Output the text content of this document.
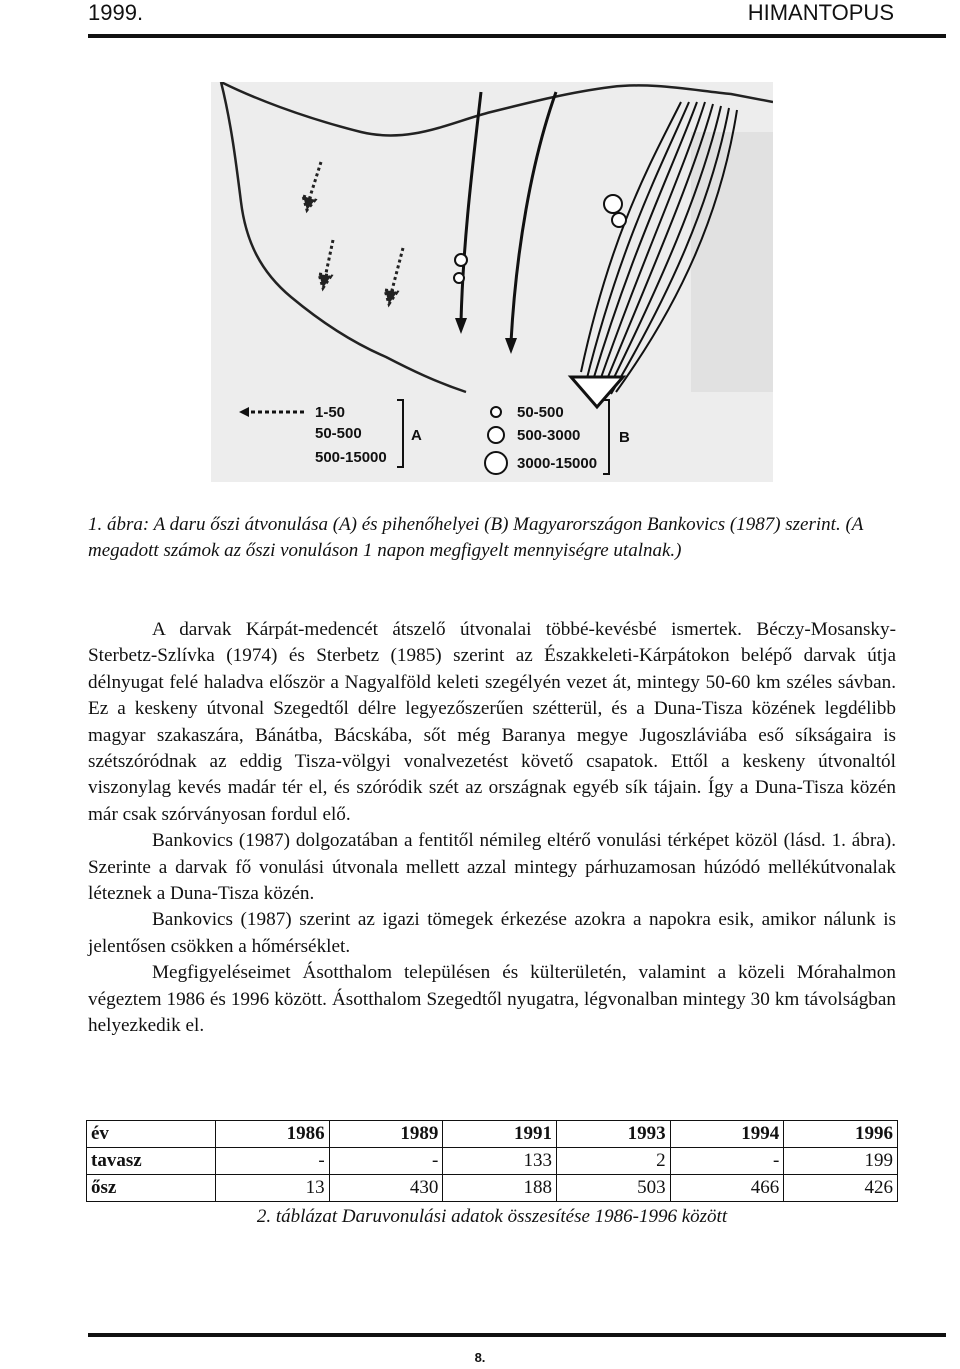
1999.	HIMANTOPUS
1-50
50-500
500-15000
A
50-500
500-3000
3000-15000
B
1. ábra: A daru őszi átvonulása (A) és pihenőhelyei (B) Magyarországon Bankovics (1987) szerint. (A megadott számok az őszi vonuláson 1 napon megfigyelt mennyiségre utalnak.)

A darvak Kárpát-medencét átszelő útvonalai többé-kevésbé ismertek. Béczy-Mosansky-Sterbetz-Szlívka (1974) és Sterbetz (1985) szerint az Északkeleti-Kárpátokon belépő darvak útja délnyugat felé haladva először a Nagyalföld keleti szegélyén vezet át, mintegy 50-60 km széles sávban. Ez a keskeny útvonal Szegedtől délre legyezőszerűen szétterül, és a Duna-Tisza közének legdélibb magyar szakaszára, Bánátba, Bácskába, sőt még Baranya megye Jugoszláviába eső síkságaira is szétszóródnak az eddig Tisza-völgyi vonalvezetést követő csapatok. Ettől a keskeny útvonaltól viszonylag kevés madár tér el, és szóródik szét az országnak egyéb sík tájain. Így a Duna-Tisza közén már csak szórványosan fordul elő.

Bankovics (1987) dolgozatában a fentitől némileg eltérő vonulási térképet közöl (lásd. 1. ábra). Szerinte a darvak fő vonulási útvonala mellett azzal mintegy párhuzamosan húzódó mellékútvonalak léteznek a Duna-Tisza közén.

Bankovics (1987) szerint az igazi tömegek érkezése azokra a napokra esik, amikor nálunk is jelentősen csökken a hőmérséklet.

Megfigyeléseimet Ásotthalom településen és külterületén, valamint a közeli Mórahalmon végeztem 1986 és 1996 között. Ásotthalom Szegedtől nyugatra, légvonalban mintegy 30 km távolságban helyezkedik el.

év	1986	1989	1991	1993	1994	1996
tavasz	-	-	133	2	-	199
ősz	13	430	188	503	466	426
2. táblázat Daruvonulási adatok összesítése 1986-1996 között
8.
